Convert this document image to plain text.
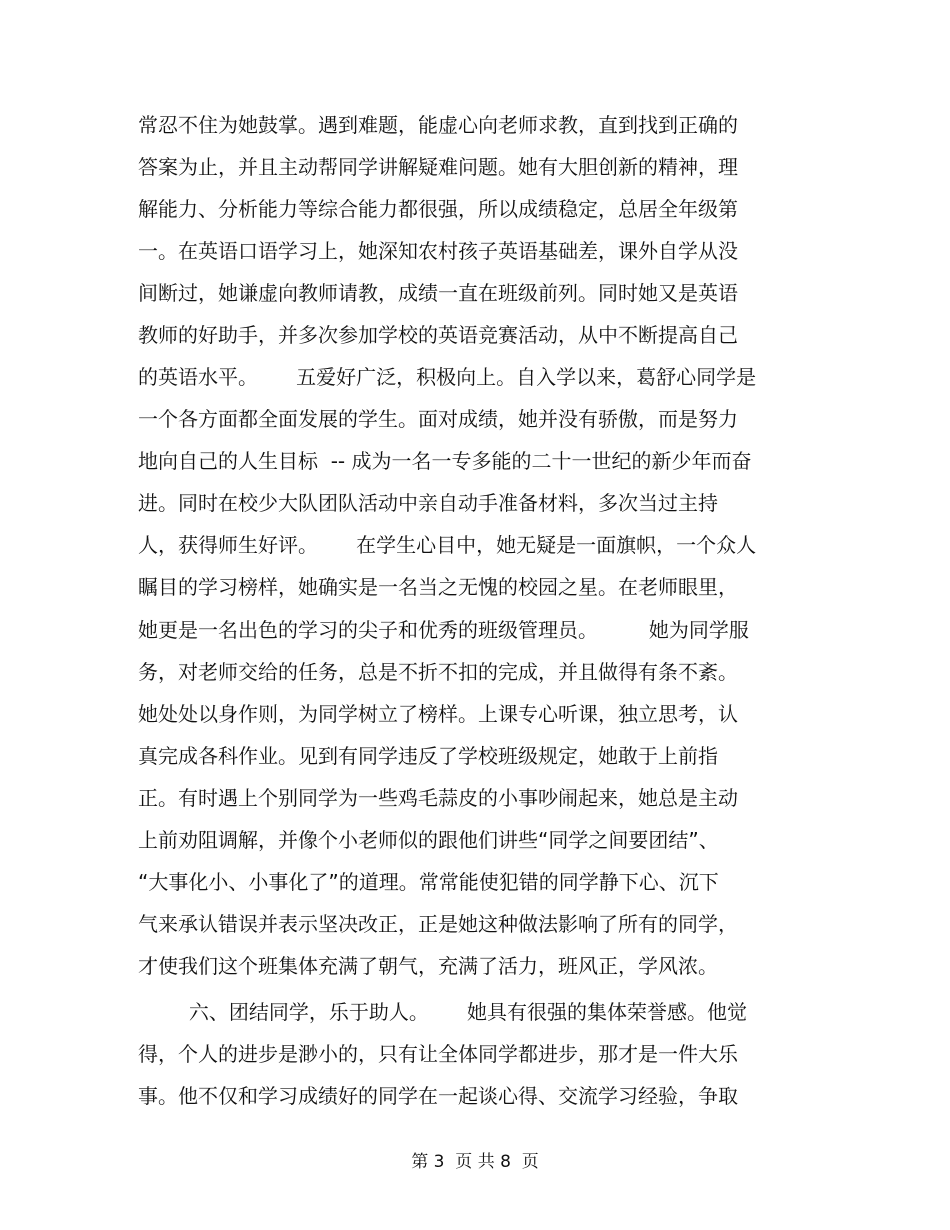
常忍不住为她鼓掌。遇到难题，能虚心向老师求教，直到找到正确的
答案为止，并且主动帮同学讲解疑难问题。她有大胆创新的精神，理
解能力、分析能力等综合能力都很强，所以成绩稳定，总居全年级第
一。在英语口语学习上，她深知农村孩子英语基础差，课外自学从没
间断过，她谦虚向教师请教，成绩一直在班级前列。同时她又是英语
教师的好助手，并多次参加学校的英语竞赛活动，从中不断提高自己
的英语水平。      五爱好广泛，积极向上。自入学以来，葛舒心同学是
一个各方面都全面发展的学生。面对成绩，她并没有骄傲，而是努力
地向自己的人生目标  -- 成为一名一专多能的二十一世纪的新少年而奋
进。同时在校少大队团队活动中亲自动手准备材料，多次当过主持
人，获得师生好评。      在学生心目中，她无疑是一面旗帜，一个众人
瞩目的学习榜样，她确实是一名当之无愧的校园之星。在老师眼里，
她更是一名出色的学习的尖子和优秀的班级管理员。        她为同学服
务，对老师交给的任务，总是不折不扣的完成，并且做得有条不紊。
她处处以身作则，为同学树立了榜样。上课专心听课，独立思考，认
真完成各科作业。见到有同学违反了学校班级规定，她敢于上前指
正。有时遇上个别同学为一些鸡毛蒜皮的小事吵闹起来，她总是主动
上前劝阻调解，并像个小老师似的跟他们讲些“同学之间要团结”、
“大事化小、小事化了”的道理。常常能使犯错的同学静下心、沉下
气来承认错误并表示坚决改正，正是她这种做法影响了所有的同学，
才使我们这个班集体充满了朝气，充满了活力，班风正，学风浓。
六、团结同学，乐于助人。      她具有很强的集体荣誉感。他觉
得，个人的进步是渺小的，只有让全体同学都进步，那才是一件大乐
事。他不仅和学习成绩好的同学在一起谈心得、交流学习经验，争取
第 3  页 共 8  页
